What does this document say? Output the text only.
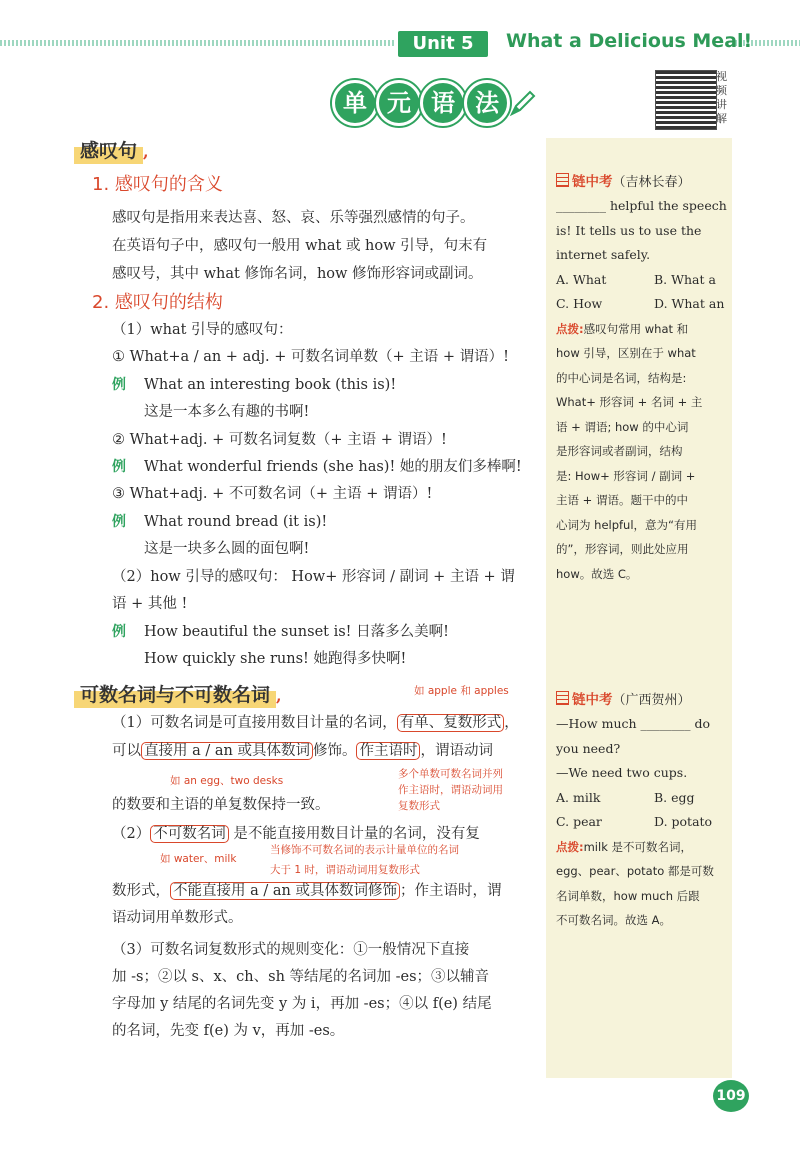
Unit 5	What a Delicious Meal!
单 元 语 法
视频讲解
感叹句 ,
1. 感叹句的含义
感叹句是指用来表达喜、怒、哀、乐等强烈感情的句子。
在英语句子中，感叹句一般用 what 或 how 引导，句末有
感叹号，其中 what 修饰名词，how 修饰形容词或副词。
2. 感叹句的结构
（1）what 引导的感叹句：
① What+a / an + adj. + 可数名词单数（+ 主语 + 谓语）!
例 What an interesting book (this is)!
这是一本多么有趣的书啊!
② What+adj. + 可数名词复数（+ 主语 + 谓语）!
例 What wonderful friends (she has)! 她的朋友们多棒啊!
③ What+adj. + 不可数名词（+ 主语 + 谓语）!
例 What round bread (it is)!
这是一块多么圆的面包啊!
（2）how 引导的感叹句： How+ 形容词 / 副词 + 主语 + 谓
语 + 其他 !
例 How beautiful the sunset is! 日落多么美啊!
How quickly she runs! 她跑得多快啊!
可数名词与不可数名词 ,	如 apple 和 apples
（1）可数名词是可直接用数目计量的名词， 有单、复数形式 ，
可以 直接用 a / an 或具体数词 修饰。 作主语时 ，谓语动词
如 an egg、two desks
多个单数可数名词并列
作主语时，谓语动词用
复数形式
的数要和主语的单复数保持一致。
（2） 不可数名词 是不能直接用数目计量的名词，没有复
当修饰不可数名词的表示计量单位的名词
如 water、milk
大于 1 时，谓语动词用复数形式
数形式， 不能直接用 a / an 或具体数词修饰 ；作主语时，谓
语动词用单数形式。
（3）可数名词复数形式的规则变化：①一般情况下直接
加 -s；②以 s、x、ch、sh 等结尾的名词加 -es；③以辅音
字母加 y 结尾的名词先变 y 为 i，再加 -es；④以 f(e) 结尾
的名词，先变 f(e) 为 v，再加 -es。
链中考（吉林长春）
________ helpful the speech
is! It tells us to use the
internet safely.
A. What	B. What a
C. How	D. What an
点拨:感叹句常用 what 和
how 引导，区别在于 what
的中心词是名词，结构是:
What+ 形容词 + 名词 + 主
语 + 谓语; how 的中心词
是形容词或者副词，结构
是: How+ 形容词 / 副词 +
主语 + 谓语。题干中的中
心词为 helpful，意为“有用
的”，形容词，则此处应用
how。故选 C。
链中考（广西贺州）
—How much ________ do
you need?
—We need two cups.
A. milk	B. egg
C. pear	D. potato
点拨:milk 是不可数名词，
egg、pear、potato 都是可数
名词单数，how much 后跟
不可数名词。故选 A。
109
